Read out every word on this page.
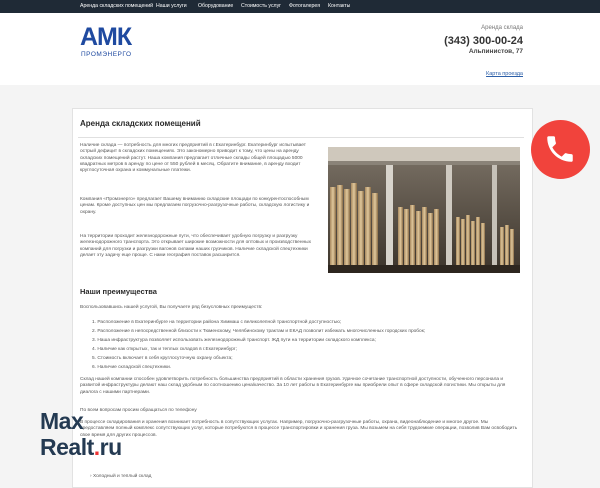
Аренда складских помещений Наши услуги Оборудование Стоимость услуг Фотогалерея Контакты
АМК
ПРОМЭНЕРГО
Аренда склада
(343) 300-00-24
Альпинистов, 77
Карта проезда
Аренда складских помещений
Наличие склада — потребность для многих предприятий в г.Екатеринбург. Екатеринбург испытывает острый дефицит в складских помещениях. Это закономерно приводит к тому, что цены на аренду складских помещений растут. Наша компания предлагает отличные склады общей площадью 5000 квадратных метров в аренду по цене от 550 рублей в месяц. Обратите внимание, в аренду входит круглосуточная охрана и коммунальные платежи.
Компания «Промэнерго» предлагает Вашему вниманию складские площади по конкурентоспособным ценам. Кроме доступных цен мы предлагаем погрузочно-разгрузочные работы, складскую логистику и охрану.
На территории проходит железнодорожные пути, что обеспечивает удобную погрузку и разгрузку железнодорожного транспорта. Это открывает широкие возможности для оптовых и производственных компаний для погрузки и разгрузки вагонов силами наших грузчиков. Наличие складской спецтехники делает эту задачу еще проще. С нами география поставок расширится.
Наши преимущества
Воспользовавшись нашей услугой, Вы получаете ряд безусловных преимуществ:
1. Расположение в Екатеринбурге на территории района Химмаш с великолепной транспортной доступностью;
2. Расположение в непосредственной близости к Тюменскому, Челябинскому трактам и ЕКАД позволит избежать многочисленных городских пробок;
3. Наша инфраструктура позволяет использовать железнодорожный транспорт. ЖД пути на территории складского комплекса;
4. Наличие как открытых, так и теплых складов в г.Екатеринбург;
5. Стоимость включает в себя круглосуточную охрану объекта;
6. Наличие складской спецтехники.
Склад нашей компании способен удовлетворить потребность большинства предприятий в области хранения грузов. Удачное сочетание транспортной доступности, обученного персонала и развитой инфраструктуры делают наш склад удобным по соотношению цена/качество. За 10 лет работы в Екатеринбурге мы приобрели опыт в сфере складской логистики. Мы открыты для диалога с нашими партнерами.
По всем вопросам просим обращаться по телефону
В процессе складирования и хранения возникает потребность в сопутствующих услугах. Например, погрузочно-разгрузочные работы, охрана, видеонаблюдение и многое другое. Мы предоставляем полный комплекс сопутствующих услуг, которые потребуются в процессе транспортировки и хранения груза. Мы возьмем на себя трудоемкие операции, позволив Вам освободить свое время для других процессов.
› Холодный и теплый склад
Max
Realt.ru
